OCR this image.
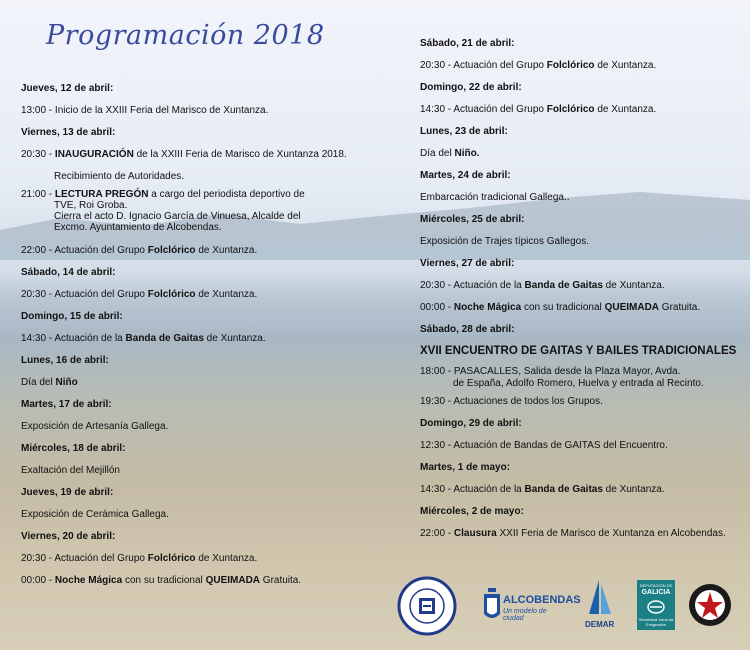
Programación 2018
Jueves, 12 de abril:
13:00 - Inicio de la XXIII Feria del Marisco de Xuntanza.
Viernes, 13 de abril:
20:30 - INAUGURACIÓN de la XXIII Feria de Marisco de Xuntanza 2018.
Recibimiento de Autoridades.
21:00 - LECTURA PREGÓN a cargo del periodista deportivo de
TVE, Roi Groba.
Cierra el acto D. Ignacio García de Vinuesa, Alcalde del
Excmo. Ayuntamiento de Alcobendas.
22:00 - Actuación del Grupo Folclórico de Xuntanza.
Sábado, 14 de abril:
20:30 - Actuación del Grupo Folclórico de Xuntanza.
Domingo, 15 de abril:
14:30 - Actuación de la Banda de Gaitas de Xuntanza.
Lunes, 16 de abril:
Día del Niño
Martes, 17 de abril:
Exposición de Artesanía Gallega.
Miércoles, 18 de abril:
Exaltación del Mejillón
Jueves, 19 de abril:
Exposición de Cerámica Gallega.
Viernes, 20 de abril:
20:30 - Actuación del Grupo Folclórico de Xuntanza.
00:00 - Noche Mágica con su tradicional QUEIMADA Gratuita.
Sábado, 21 de abril:
20:30 - Actuación del Grupo Folclórico de Xuntanza.
Domingo, 22 de abril:
14:30 - Actuación del Grupo Folclórico de Xuntanza.
Lunes, 23 de abril:
Día del Niño.
Martes, 24 de abril:
Embarcación tradicional Gallega..
Miércoles, 25 de abril:
Exposición de Trajes típicos Gallegos.
Viernes, 27 de abril:
20:30 - Actuación de la Banda de Gaitas de Xuntanza.
00:00 - Noche Mágica con su tradicional QUEIMADA Gratuita.
Sábado, 28 de abril:
XVII ENCUENTRO DE GAITAS Y BAILES TRADICIONALES
18:00 - PASACALLES, Salida desde la Plaza Mayor, Avda.
de España, Adolfo Romero, Huelva y entrada al Recinto.
19:30 - Actuaciones de todos los Grupos.
Domingo, 29 de abril:
12:30 - Actuación de Bandas de GAITAS del Encuentro.
Martes, 1 de mayo:
14:30 - Actuación de la Banda de Gaitas de Xuntanza.
Miércoles, 2 de mayo:
22:00 - Clausura XXII Feria de Marisco de Xuntanza en Alcobendas.
ALCOBENDAS
Un modelo de ciudad
DEMAR
DEPUTACIÓN DE
GALICIA
Secretaría Xeral da Emigración
